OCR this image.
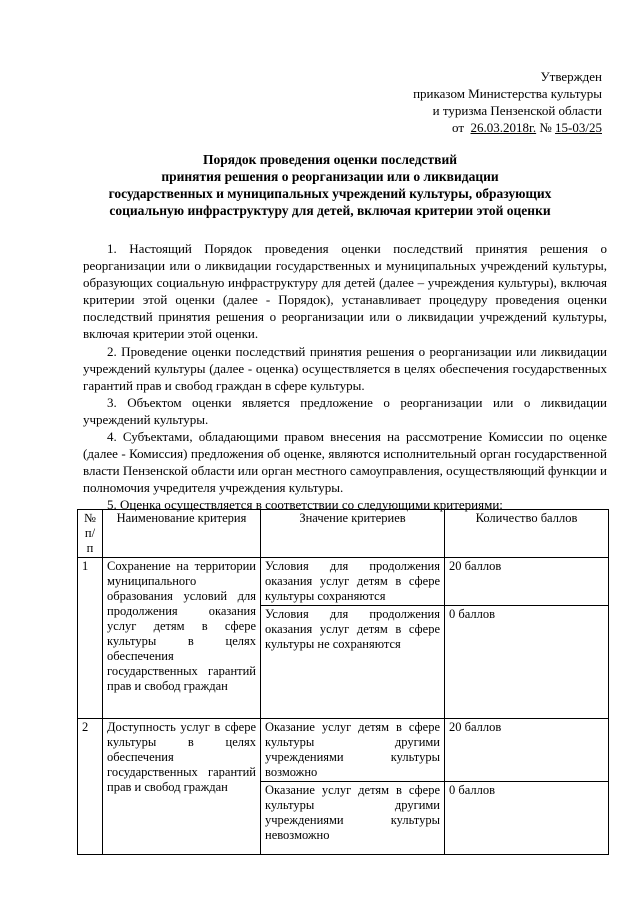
Утвержден
приказом Министерства культуры
и туризма Пензенской области
от 26.03.2018г. № 15-03/25
Порядок проведения оценки последствий
принятия решения о реорганизации или о ликвидации
государственных и муниципальных учреждений культуры, образующих
социальную инфраструктуру для детей, включая критерии этой оценки

1. Настоящий Порядок проведения оценки последствий принятия решения о реорганизации или о ликвидации государственных и муниципальных учреждений культуры, образующих социальную инфраструктуру для детей (далее – учреждения культуры), включая критерии этой оценки (далее - Порядок), устанавливает процедуру проведения оценки последствий принятия решения о реорганизации или о ликвидации учреждений культуры, включая критерии этой оценки.

2. Проведение оценки последствий принятия решения о реорганизации или ликвидации учреждений культуры (далее - оценка) осуществляется в целях обеспечения государственных гарантий прав и свобод граждан в сфере культуры.

3. Объектом оценки является предложение о реорганизации или о ликвидации учреждений культуры.

4. Субъектами, обладающими правом внесения на рассмотрение Комиссии по оценке (далее - Комиссия) предложения об оценке, являются исполнительный орган государственной власти Пензенской области или орган местного самоуправления, осуществляющий функции и полномочия учредителя учреждения культуры.

5. Оценка осуществляется в соответствии со следующими критериями:

№ п/п	Наименование критерия	Значение критериев	Количество баллов
1	Сохранение на территории муниципального образования условий для продолжения оказания услуг детям в сфере культуры в целях обеспечения государственных гарантий прав и свобод граждан	Условия для продолжения оказания услуг детям в сфере культуры сохраняются	20 баллов
		Условия для продолжения оказания услуг детям в сфере культуры не сохраняются	0 баллов
2	Доступность услуг в сфере культуры в целях обеспечения государственных гарантий прав и свобод граждан	Оказание услуг детям в сфере культуры другими учреждениями культуры возможно	20 баллов
		Оказание услуг детям в сфере культуры другими учреждениями культуры невозможно	0 баллов
